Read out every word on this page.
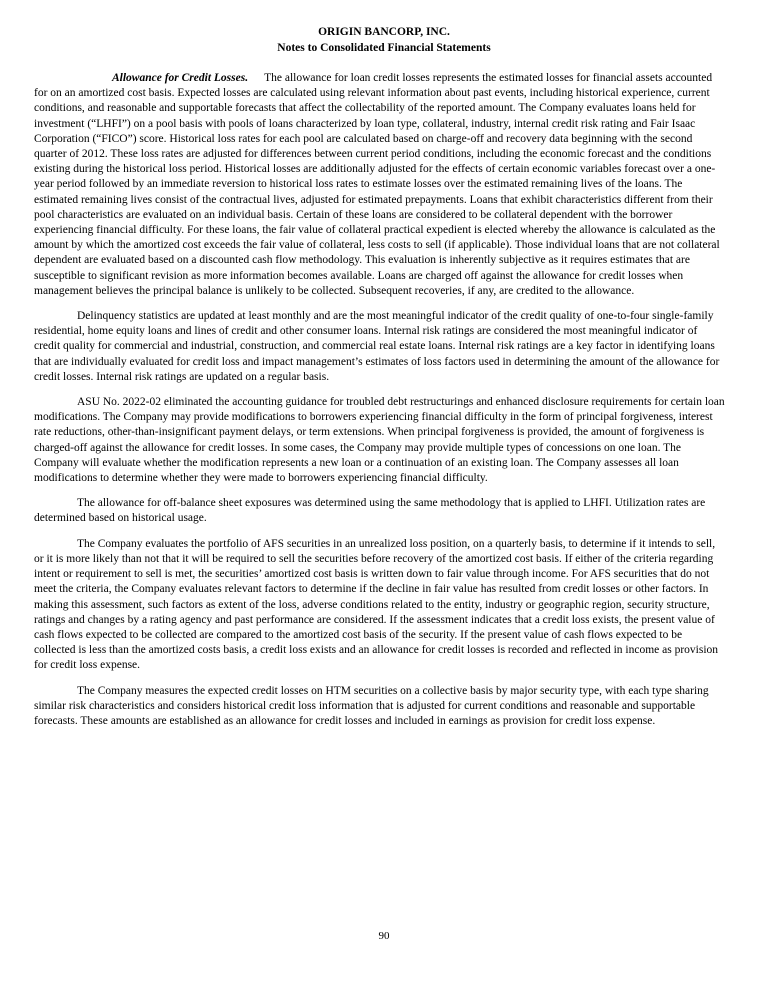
ORIGIN BANCORP, INC.
Notes to Consolidated Financial Statements

Allowance for Credit Losses. The allowance for loan credit losses represents the estimated losses for financial assets accounted for on an amortized cost basis. Expected losses are calculated using relevant information about past events, including historical experience, current conditions, and reasonable and supportable forecasts that affect the collectability of the reported amount. The Company evaluates loans held for investment (“LHFI”) on a pool basis with pools of loans characterized by loan type, collateral, industry, internal credit risk rating and Fair Isaac Corporation (“FICO”) score. Historical loss rates for each pool are calculated based on charge-off and recovery data beginning with the second quarter of 2012. These loss rates are adjusted for differences between current period conditions, including the economic forecast and the conditions existing during the historical loss period. Historical losses are additionally adjusted for the effects of certain economic variables forecast over a one-year period followed by an immediate reversion to historical loss rates to estimate losses over the estimated remaining lives of the loans. The estimated remaining lives consist of the contractual lives, adjusted for estimated prepayments. Loans that exhibit characteristics different from their pool characteristics are evaluated on an individual basis. Certain of these loans are considered to be collateral dependent with the borrower experiencing financial difficulty. For these loans, the fair value of collateral practical expedient is elected whereby the allowance is calculated as the amount by which the amortized cost exceeds the fair value of collateral, less costs to sell (if applicable). Those individual loans that are not collateral dependent are evaluated based on a discounted cash flow methodology. This evaluation is inherently subjective as it requires estimates that are susceptible to significant revision as more information becomes available. Loans are charged off against the allowance for credit losses when management believes the principal balance is unlikely to be collected. Subsequent recoveries, if any, are credited to the allowance.

Delinquency statistics are updated at least monthly and are the most meaningful indicator of the credit quality of one-to-four single-family residential, home equity loans and lines of credit and other consumer loans. Internal risk ratings are considered the most meaningful indicator of credit quality for commercial and industrial, construction, and commercial real estate loans. Internal risk ratings are a key factor in identifying loans that are individually evaluated for credit loss and impact management’s estimates of loss factors used in determining the amount of the allowance for credit losses. Internal risk ratings are updated on a regular basis.

ASU No. 2022-02 eliminated the accounting guidance for troubled debt restructurings and enhanced disclosure requirements for certain loan modifications. The Company may provide modifications to borrowers experiencing financial difficulty in the form of principal forgiveness, interest rate reductions, other-than-insignificant payment delays, or term extensions. When principal forgiveness is provided, the amount of forgiveness is charged-off against the allowance for credit losses. In some cases, the Company may provide multiple types of concessions on one loan. The Company will evaluate whether the modification represents a new loan or a continuation of an existing loan. The Company assesses all loan modifications to determine whether they were made to borrowers experiencing financial difficulty.

The allowance for off-balance sheet exposures was determined using the same methodology that is applied to LHFI. Utilization rates are determined based on historical usage.

The Company evaluates the portfolio of AFS securities in an unrealized loss position, on a quarterly basis, to determine if it intends to sell, or it is more likely than not that it will be required to sell the securities before recovery of the amortized cost basis. If either of the criteria regarding intent or requirement to sell is met, the securities’ amortized cost basis is written down to fair value through income. For AFS securities that do not meet the criteria, the Company evaluates relevant factors to determine if the decline in fair value has resulted from credit losses or other factors. In making this assessment, such factors as extent of the loss, adverse conditions related to the entity, industry or geographic region, security structure, ratings and changes by a rating agency and past performance are considered. If the assessment indicates that a credit loss exists, the present value of cash flows expected to be collected are compared to the amortized cost basis of the security. If the present value of cash flows expected to be collected is less than the amortized costs basis, a credit loss exists and an allowance for credit losses is recorded and reflected in income as provision for credit loss expense.

The Company measures the expected credit losses on HTM securities on a collective basis by major security type, with each type sharing similar risk characteristics and considers historical credit loss information that is adjusted for current conditions and reasonable and supportable forecasts. These amounts are established as an allowance for credit losses and included in earnings as provision for credit loss expense.

90
